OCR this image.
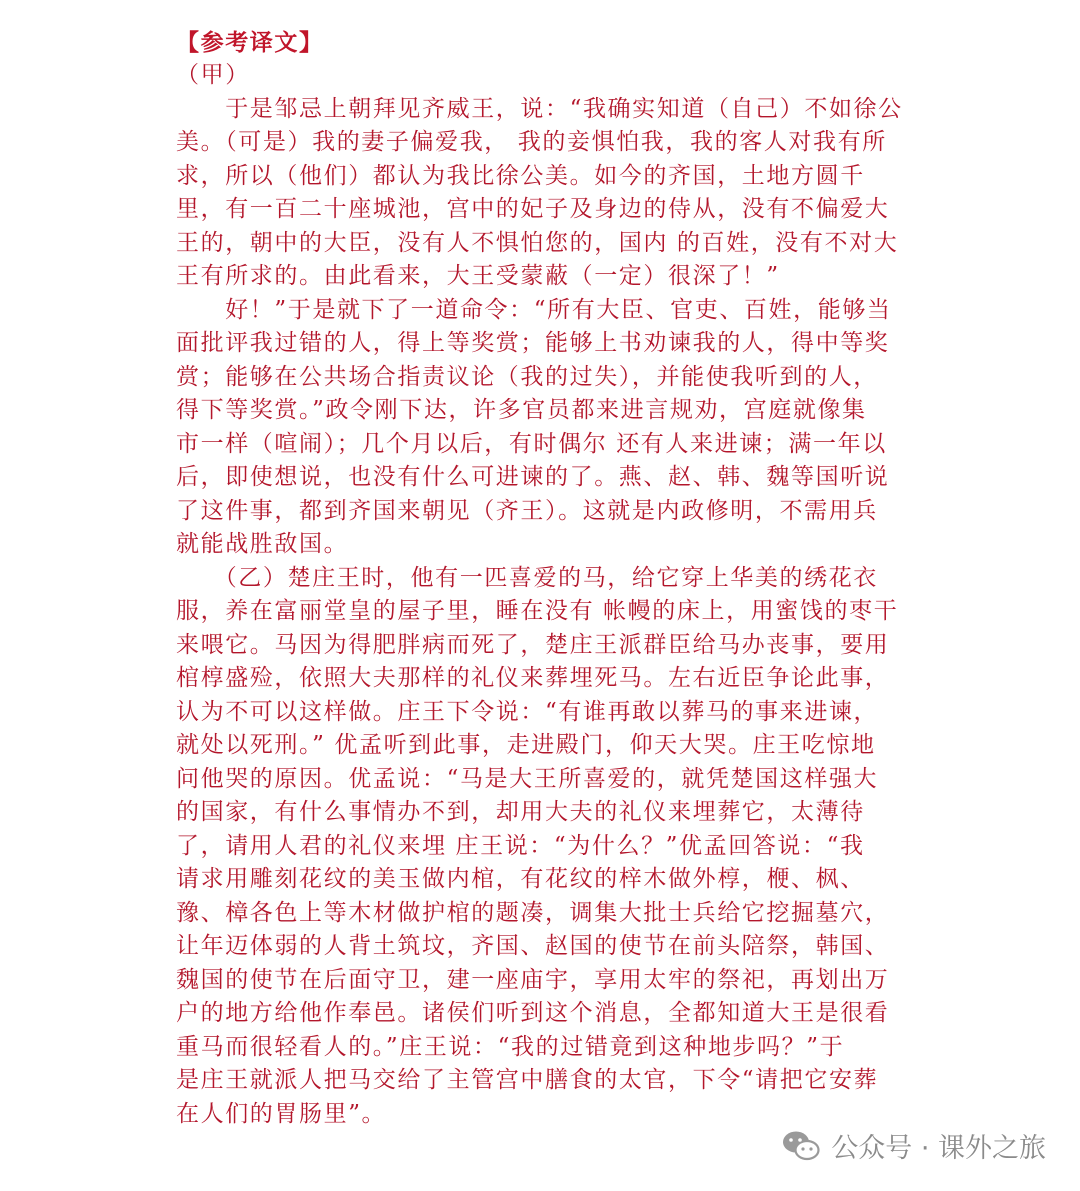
【参考译文】
（甲）
　　于是邹忌上朝拜见齐威王，说：“我确实知道（自己）不如徐公
美。（可是）我的妻子偏爱我， 我的妾惧怕我，我的客人对我有所
求，所以（他们）都认为我比徐公美。如今的齐国，土地方圆千
里，有一百二十座城池，宫中的妃子及身边的侍从，没有不偏爱大
王的，朝中的大臣，没有人不惧怕您的，国内 的百姓，没有不对大
王有所求的。由此看来，大王受蒙蔽（一定）很深了！”
　　好！”于是就下了一道命令：“所有大臣、官吏、百姓，能够当
面批评我过错的人，得上等奖赏；能够上书劝谏我的人，得中等奖
赏；能够在公共场合指责议论（我的过失），并能使我听到的人，
得下等奖赏。”政令刚下达，许多官员都来进言规劝，宫庭就像集
市一样（喧闹）；几个月以后，有时偶尔 还有人来进谏；满一年以
后，即使想说，也没有什么可进谏的了。燕、赵、韩、魏等国听说
了这件事，都到齐国来朝见（齐王）。这就是内政修明，不需用兵
就能战胜敌国。
　　（乙）楚庄王时，他有一匹喜爱的马，给它穿上华美的绣花衣
服，养在富丽堂皇的屋子里，睡在没有 帐幔的床上，用蜜饯的枣干
来喂它。马因为得肥胖病而死了，楚庄王派群臣给马办丧事，要用
棺椁盛殓，依照大夫那样的礼仪来葬埋死马。左右近臣争论此事，
认为不可以这样做。庄王下令说：“有谁再敢以葬马的事来进谏，
就处以死刑。” 优孟听到此事，走进殿门，仰天大哭。庄王吃惊地
问他哭的原因。优孟说：“马是大王所喜爱的，就凭楚国这样强大
的国家，有什么事情办不到，却用大夫的礼仪来埋葬它，太薄待
了，请用人君的礼仪来埋 庄王说：“为什么？”优孟回答说：“我
请求用雕刻花纹的美玉做内棺，有花纹的梓木做外椁，楩、枫、
豫、樟各色上等木材做护棺的题凑，调集大批士兵给它挖掘墓穴，
让年迈体弱的人背土筑坟，齐国、赵国的使节在前头陪祭，韩国、
魏国的使节在后面守卫，建一座庙宇，享用太牢的祭祀，再划出万
户的地方给他作奉邑。诸侯们听到这个消息，全都知道大王是很看
重马而很轻看人的。”庄王说：“我的过错竟到这种地步吗？”于
是庄王就派人把马交给了主管宫中膳食的太官，下令“请把它安葬
在人们的胃肠里”。
公众号 · 课外之旅
